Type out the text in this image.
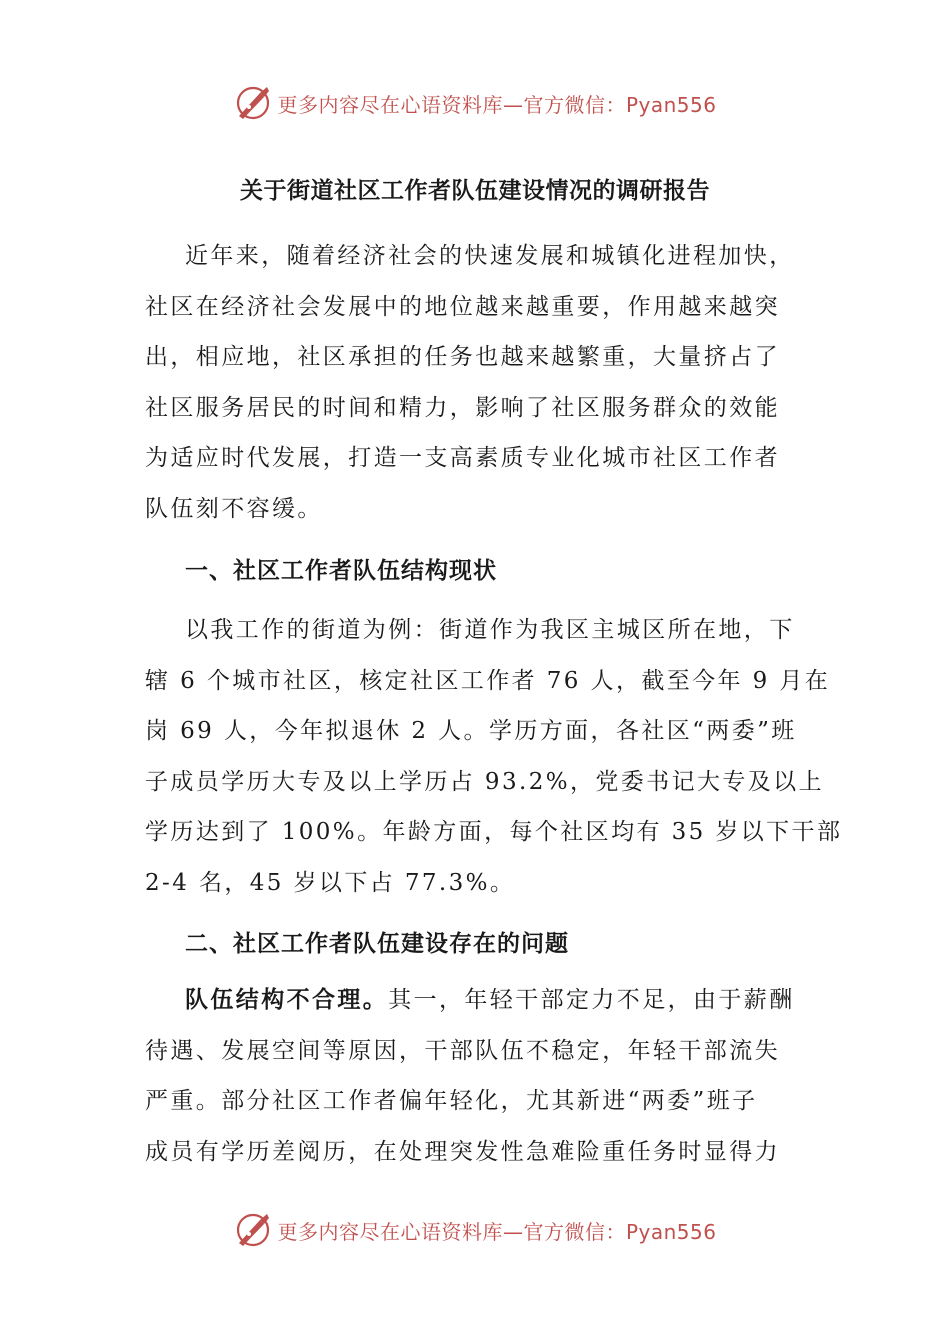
更多内容尽在心语资料库—官方微信：Pyan556
关于街道社区工作者队伍建设情况的调研报告
近年来，随着经济社会的快速发展和城镇化进程加快，
社区在经济社会发展中的地位越来越重要，作用越来越突
出，相应地，社区承担的任务也越来越繁重，大量挤占了
社区服务居民的时间和精力，影响了社区服务群众的效能
为适应时代发展，打造一支高素质专业化城市社区工作者
队伍刻不容缓。
一、社区工作者队伍结构现状
以我工作的街道为例：街道作为我区主城区所在地，下
辖 6 个城市社区，核定社区工作者 76 人，截至今年 9 月在
岗 69 人，今年拟退休 2 人。学历方面，各社区“两委”班
子成员学历大专及以上学历占 93.2%，党委书记大专及以上
学历达到了 100%。年龄方面，每个社区均有 35 岁以下干部
2-4 名，45 岁以下占 77.3%。
二、社区工作者队伍建设存在的问题
队伍结构不合理。其一，年轻干部定力不足，由于薪酬
待遇、发展空间等原因，干部队伍不稳定，年轻干部流失
严重。部分社区工作者偏年轻化，尤其新进“两委”班子
成员有学历差阅历，在处理突发性急难险重任务时显得力
更多内容尽在心语资料库—官方微信：Pyan556
